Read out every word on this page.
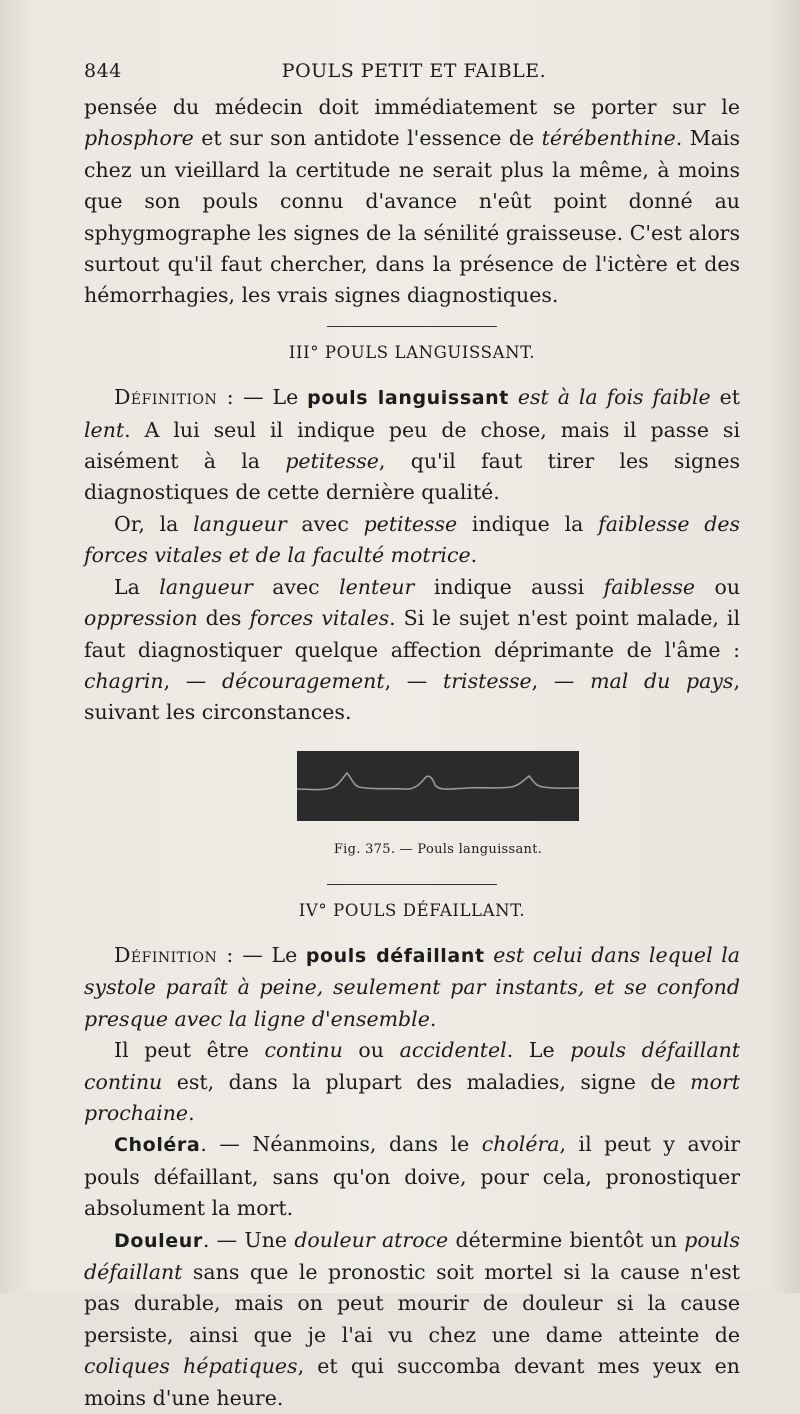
844	POULS PETIT ET FAIBLE.

pensée du médecin doit immédiatement se porter sur le phosphore et sur son antidote l'essence de térébenthine. Mais chez un vieillard la certitude ne serait plus la même, à moins que son pouls connu d'avance n'eût point donné au sphygmographe les signes de la sénilité graisseuse. C'est alors surtout qu'il faut chercher, dans la présence de l'ictère et des hémorrhagies, les vrais signes diagnostiques.

III° POULS LANGUISSANT.

Définition : — Le pouls languissant est à la fois faible et lent. A lui seul il indique peu de chose, mais il passe si aisément à la petitesse, qu'il faut tirer les signes diagnostiques de cette dernière qualité.

Or, la langueur avec petitesse indique la faiblesse des forces vitales et de la faculté motrice.

La langueur avec lenteur indique aussi faiblesse ou oppression des forces vitales. Si le sujet n'est point malade, il faut diagnostiquer quelque affection déprimante de l'âme : chagrin, — découragement, — tristesse, — mal du pays, suivant les circonstances.

Fig. 375. — Pouls languissant.
IV° POULS DÉFAILLANT.

Définition : — Le pouls défaillant est celui dans lequel la systole paraît à peine, seulement par instants, et se confond presque avec la ligne d'ensemble.

Il peut être continu ou accidentel. Le pouls défaillant continu est, dans la plupart des maladies, signe de mort prochaine.

Choléra. — Néanmoins, dans le choléra, il peut y avoir pouls défaillant, sans qu'on doive, pour cela, pronostiquer absolument la mort.

Douleur. — Une douleur atroce détermine bientôt un pouls défaillant sans que le pronostic soit mortel si la cause n'est pas durable, mais on peut mourir de douleur si la cause persiste, ainsi que je l'ai vu chez une dame atteinte de coliques hépatiques, et qui succomba devant mes yeux en moins d'une heure.
